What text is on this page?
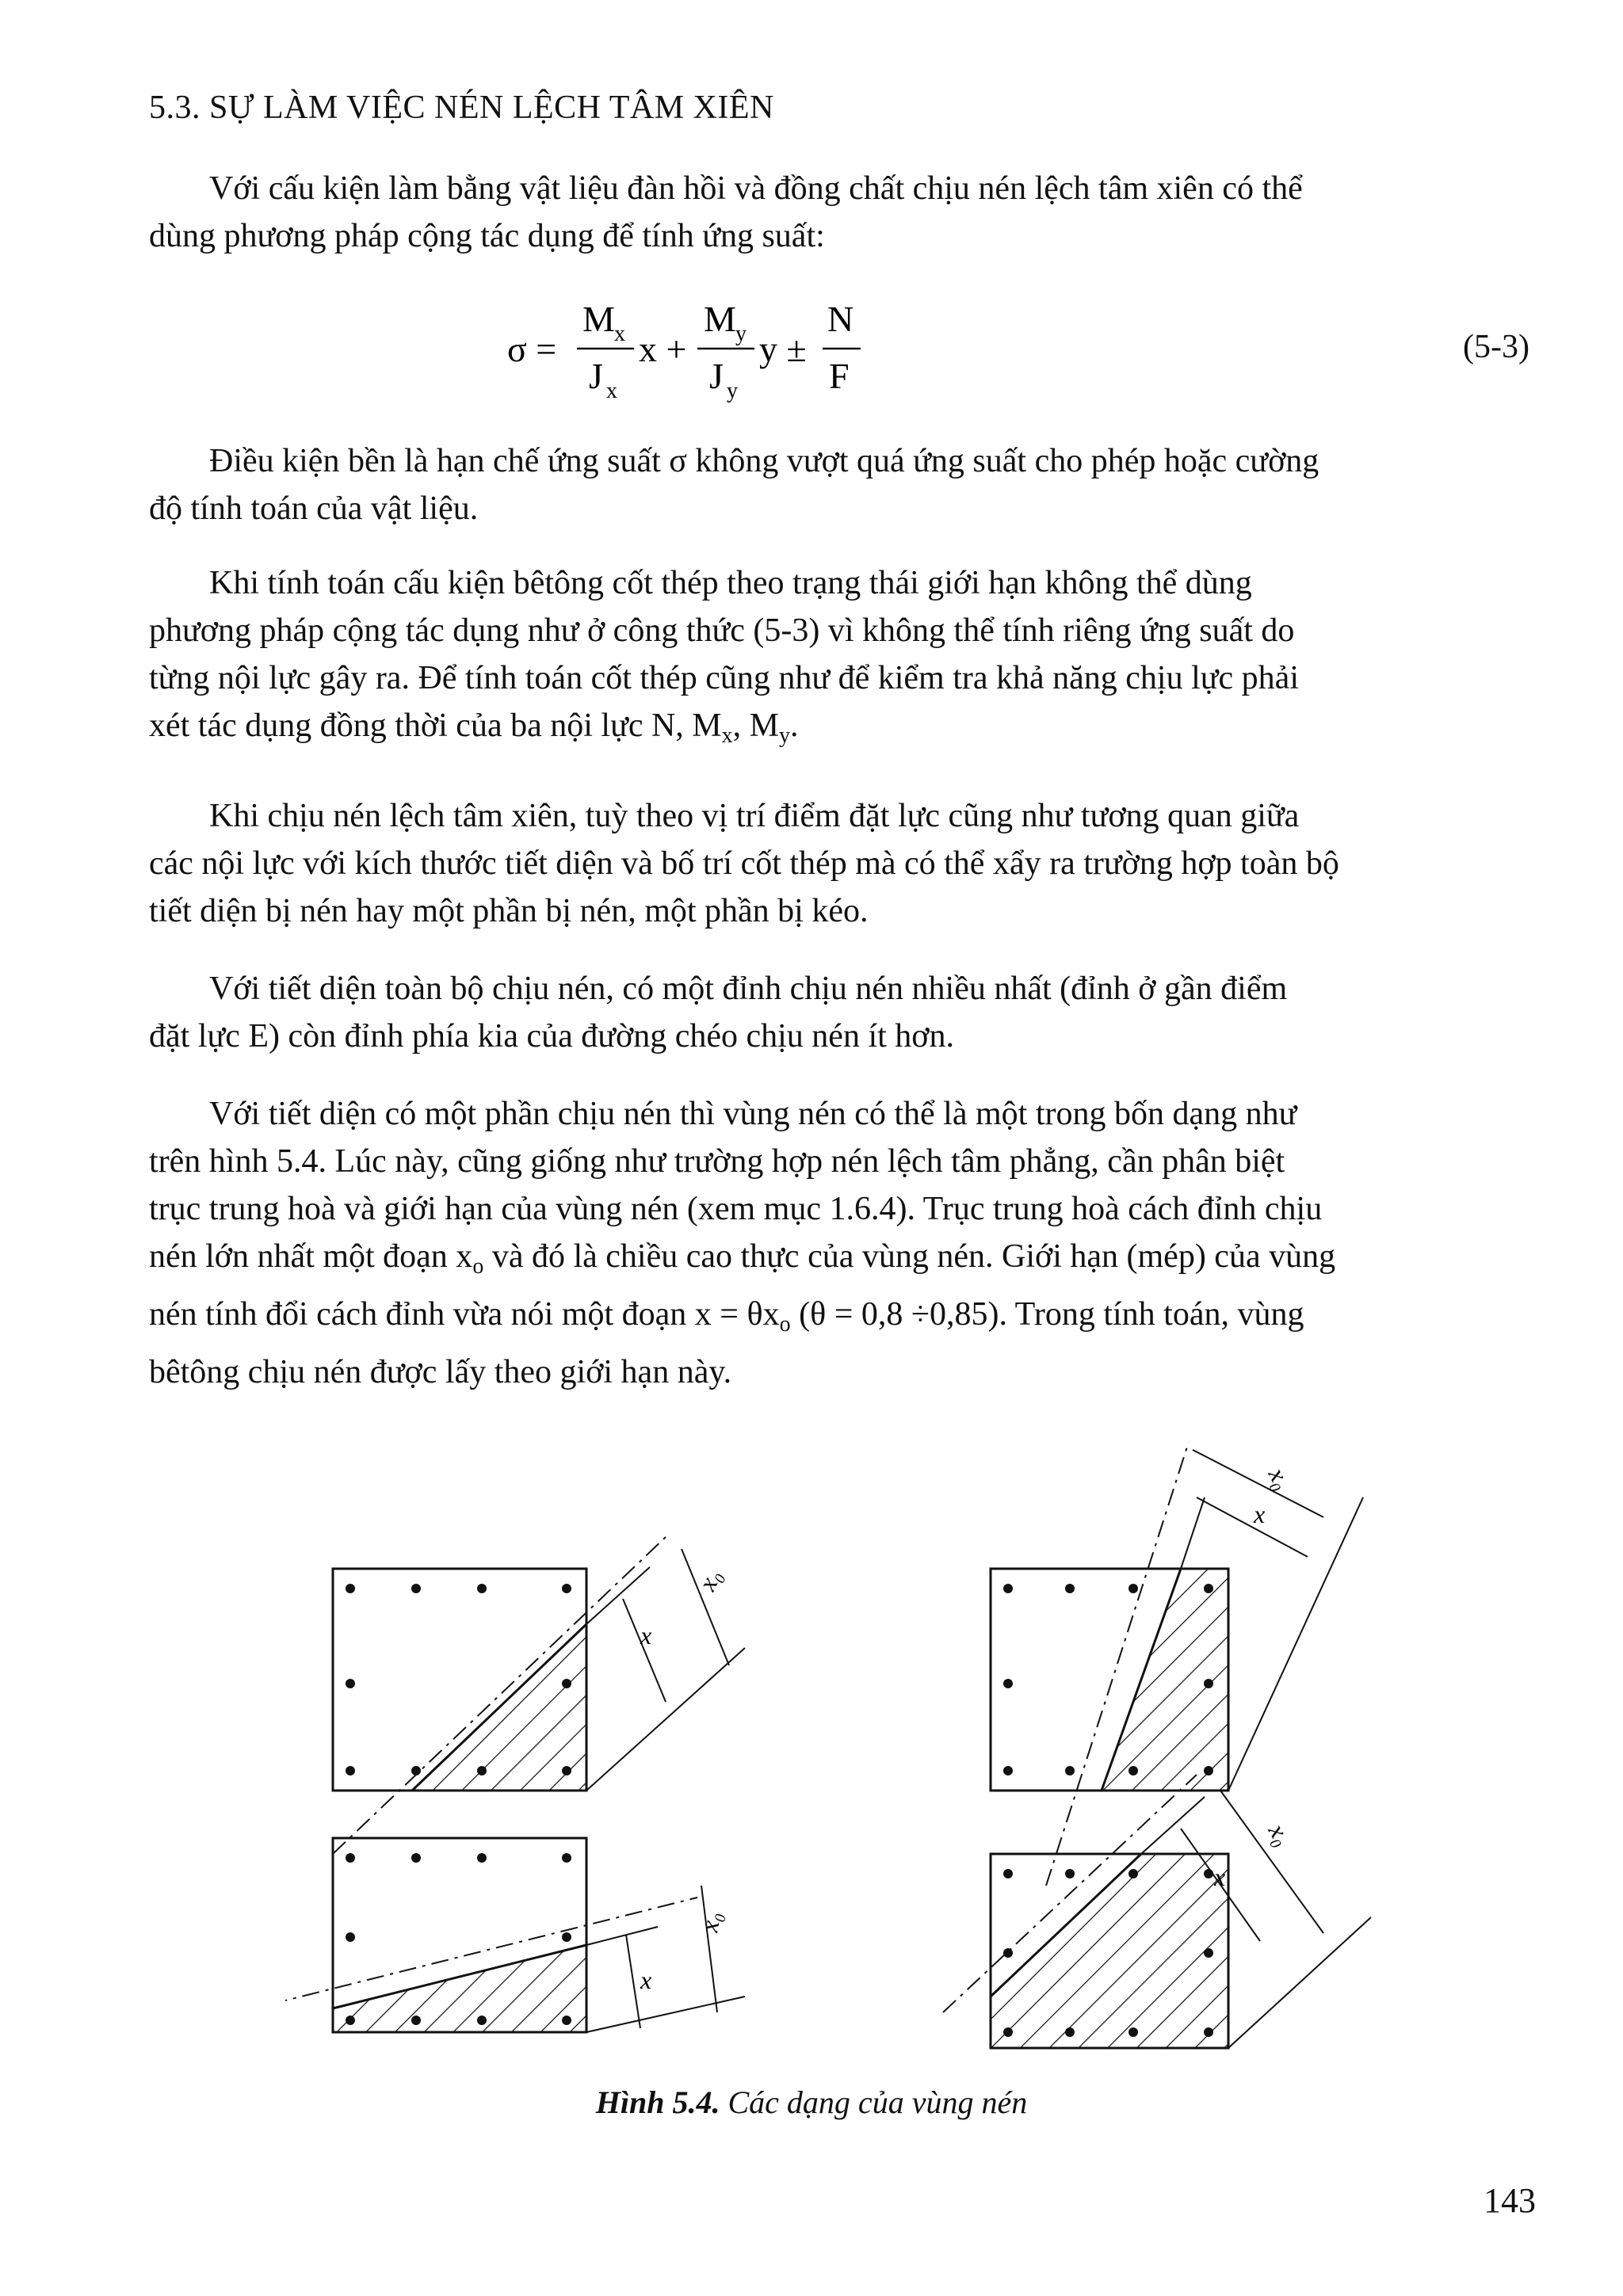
5.3. SỰ LÀM VIỆC NÉN LỆCH TÂM XIÊN

Với cấu kiện làm bằng vật liệu đàn hồi và đồng chất chịu nén lệch tâm xiên có thể
dùng phương pháp cộng tác dụng để tính ứng suất:

σ =
M x
J x
x +
M y
J y
y ±
N
F
(5-3)

Điều kiện bền là hạn chế ứng suất σ không vượt quá ứng suất cho phép hoặc cường
độ tính toán của vật liệu.

Khi tính toán cấu kiện bêtông cốt thép theo trạng thái giới hạn không thể dùng
phương pháp cộng tác dụng như ở công thức (5-3) vì không thể tính riêng ứng suất do
từng nội lực gây ra. Để tính toán cốt thép cũng như để kiểm tra khả năng chịu lực phải
xét tác dụng đồng thời của ba nội lực N, $M_x$, $M_y$.

Khi chịu nén lệch tâm xiên, tuỳ theo vị trí điểm đặt lực cũng như tương quan giữa
các nội lực với kích thước tiết diện và bố trí cốt thép mà có thể xẩy ra trường hợp toàn bộ
tiết diện bị nén hay một phần bị nén, một phần bị kéo.

Với tiết diện toàn bộ chịu nén, có một đỉnh chịu nén nhiều nhất (đỉnh ở gần điểm
đặt lực E) còn đỉnh phía kia của đường chéo chịu nén ít hơn.

Với tiết diện có một phần chịu nén thì vùng nén có thể là một trong bốn dạng như
trên hình 5.4. Lúc này, cũng giống như trường hợp nén lệch tâm phẳng, cần phân biệt
trục trung hoà và giới hạn của vùng nén (xem mục 1.6.4). Trục trung hoà cách đỉnh chịu
nén lớn nhất một đoạn $x_o$ và đó là chiều cao thực của vùng nén. Giới hạn (mép) của vùng
nén tính đổi cách đỉnh vừa nói một đoạn $x = \theta x_o$ (θ = 0,8 ÷0,85). Trong tính toán, vùng
bêtông chịu nén được lấy theo giới hạn này.

x₀
x
x₀
x
x₀
x
x₀
x
Hình 5.4. Các dạng của vùng nén
143
